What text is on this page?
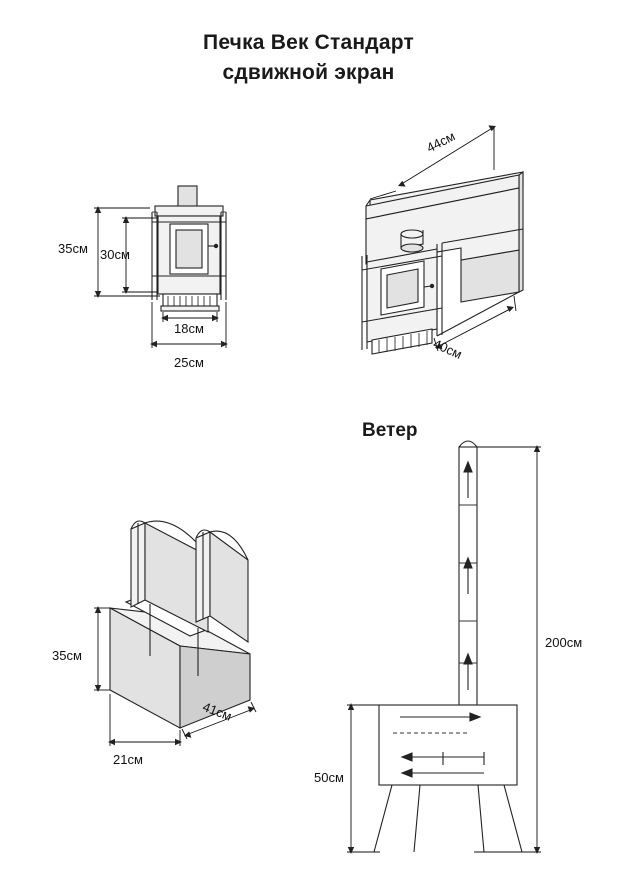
Печка Век Стандарт
сдвижной экран
35см 30см
18см
25см
44см
40см
35см
21см
41см
200см
50см
Ветер
